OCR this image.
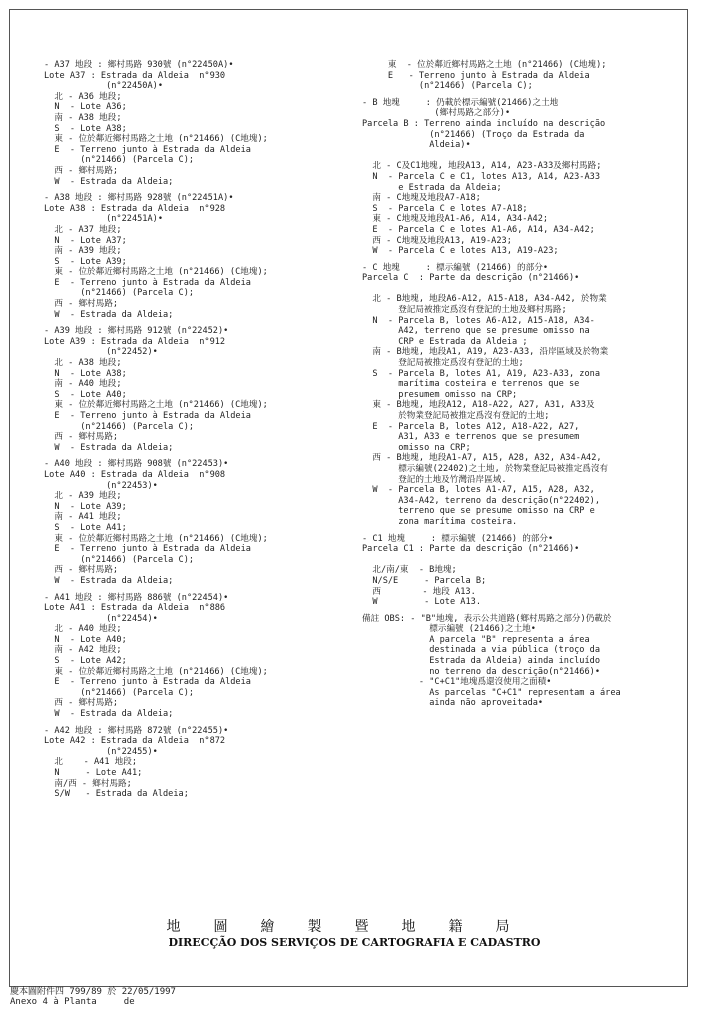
- A37 地段 : 鄉村馬路 930號 (n°22450A)•
Lote A37 : Estrada da Aldeia  n°930
(n°22450A)•
北 - A36 地段;
N  - Lote A36;
南 - A38 地段;
S  - Lote A38;
東 - 位於鄰近鄉村馬路之土地 (n°21466) (C地塊);
E  - Terreno junto à Estrada da Aldeia
(n°21466) (Parcela C);
西 - 鄉村馬路;
W  - Estrada da Aldeia;
- A38 地段 : 鄉村馬路 928號 (n°22451A)•
Lote A38 : Estrada da Aldeia  n°928
(n°22451A)•
北 - A37 地段;
N  - Lote A37;
南 - A39 地段;
S  - Lote A39;
東 - 位於鄰近鄉村馬路之土地 (n°21466) (C地塊);
E  - Terreno junto à Estrada da Aldeia
(n°21466) (Parcela C);
西 - 鄉村馬路;
W  - Estrada da Aldeia;
- A39 地段 : 鄉村馬路 912號 (n°22452)•
Lote A39 : Estrada da Aldeia  n°912
(n°22452)•
北 - A38 地段;
N  - Lote A38;
南 - A40 地段;
S  - Lote A40;
東 - 位於鄰近鄉村馬路之土地 (n°21466) (C地塊);
E  - Terreno junto à Estrada da Aldeia
(n°21466) (Parcela C);
西 - 鄉村馬路;
W  - Estrada da Aldeia;
- A40 地段 : 鄉村馬路 908號 (n°22453)•
Lote A40 : Estrada da Aldeia  n°908
(n°22453)•
北 - A39 地段;
N  - Lote A39;
南 - A41 地段;
S  - Lote A41;
東 - 位於鄰近鄉村馬路之土地 (n°21466) (C地塊);
E  - Terreno junto à Estrada da Aldeia
(n°21466) (Parcela C);
西 - 鄉村馬路;
W  - Estrada da Aldeia;
- A41 地段 : 鄉村馬路 886號 (n°22454)•
Lote A41 : Estrada da Aldeia  n°886
(n°22454)•
北 - A40 地段;
N  - Lote A40;
南 - A42 地段;
S  - Lote A42;
東 - 位於鄰近鄉村馬路之土地 (n°21466) (C地塊);
E  - Terreno junto à Estrada da Aldeia
(n°21466) (Parcela C);
西 - 鄉村馬路;
W  - Estrada da Aldeia;
- A42 地段 : 鄉村馬路 872號 (n°22455)•
Lote A42 : Estrada da Aldeia  n°872
(n°22455)•
北    - A41 地段;
N     - Lote A41;
南/西 - 鄉村馬路;
S/W   - Estrada da Aldeia;
東  - 位於鄰近鄉村馬路之土地 (n°21466) (C地塊);
E   - Terreno junto à Estrada da Aldeia
(n°21466) (Parcela C);
- B 地塊     : 仍載於標示編號(21466)之土地
(鄉村馬路之部分)•
Parcela B : Terreno ainda incluído na descrição
(n°21466) (Troço da Estrada da
Aldeia)•

北 - C及C1地塊, 地段A13, A14, A23-A33及鄉村馬路;
N  - Parcela C e C1, lotes A13, A14, A23-A33
e Estrada da Aldeia;
南 - C地塊及地段A7-A18;
S  - Parcela C e lotes A7-A18;
東 - C地塊及地段A1-A6, A14, A34-A42;
E  - Parcela C e lotes A1-A6, A14, A34-A42;
西 - C地塊及地段A13, A19-A23;
W  - Parcela C e lotes A13, A19-A23;
- C 地塊     : 標示編號 (21466) 的部分•
Parcela C  : Parte da descrição (n°21466)•

北 - B地塊, 地段A6-A12, A15-A18, A34-A42, 於物業
登記局被推定爲沒有登記的土地及鄉村馬路;
N  - Parcela B, lotes A6-A12, A15-A18, A34-
A42, terreno que se presume omisso na
CRP e Estrada da Aldeia ;
南 - B地塊, 地段A1, A19, A23-A33, 沿岸區域及於物業
登記局被推定爲沒有登記的土地;
S  - Parcela B, lotes A1, A19, A23-A33, zona
marítima costeira e terrenos que se
presumem omisso na CRP;
東 - B地塊, 地段A12, A18-A22, A27, A31, A33及
於物業登記局被推定爲沒有登記的土地;
E  - Parcela B, lotes A12, A18-A22, A27,
A31, A33 e terrenos que se presumem
omisso na CRP;
西 - B地塊, 地段A1-A7, A15, A28, A32, A34-A42,
標示編號(22402)之土地, 於物業登記局被推定爲沒有
登記的土地及竹灣沿岸區域.
W  - Parcela B, lotes A1-A7, A15, A28, A32,
A34-A42, terreno da descrição(n°22402),
terreno que se presume omisso na CRP e
zona marítima costeira.
- C1 地塊     : 標示編號 (21466) 的部分•
Parcela C1 : Parte da descrição (n°21466)•

北/南/東  - B地塊;
N/S/E     - Parcela B;
西        - 地段 A13.
W         - Lote A13.
備註 OBS: - "B"地塊, 表示公共道路(鄉村馬路之部分)仍載於
標示編號 (21466)之土地•
A parcela "B" representa a área
destinada a via pública (troço da
Estrada da Aldeia) ainda incluído
no terreno da descrição(n°21466)•
- "C+C1"地塊爲還沒使用之面積•
As parcelas "C+C1" representam a área
ainda não aproveitada•
地圖繪製暨地籍局
DIRECÇÃO DOS SERVIÇOS DE CARTOGRAFIA E CADASTRO
慶本圖附件四 799/89 於 22/05/1997
Anexo 4 à Planta     de
